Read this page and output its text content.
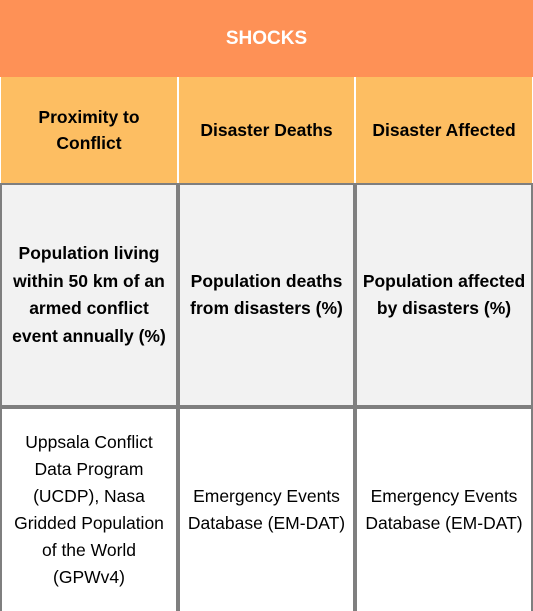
SHOCKS
Proximity to Conflict
Disaster Deaths	Disaster Affected
Population living within 50 km of an armed conflict event annually (%)
Population deaths from disasters (%)
Population affected by disasters (%)
Uppsala Conflict Data Program (UCDP), Nasa Gridded Population of the World (GPWv4)
Emergency Events Database (EM-DAT)
Emergency Events Database (EM-DAT)
